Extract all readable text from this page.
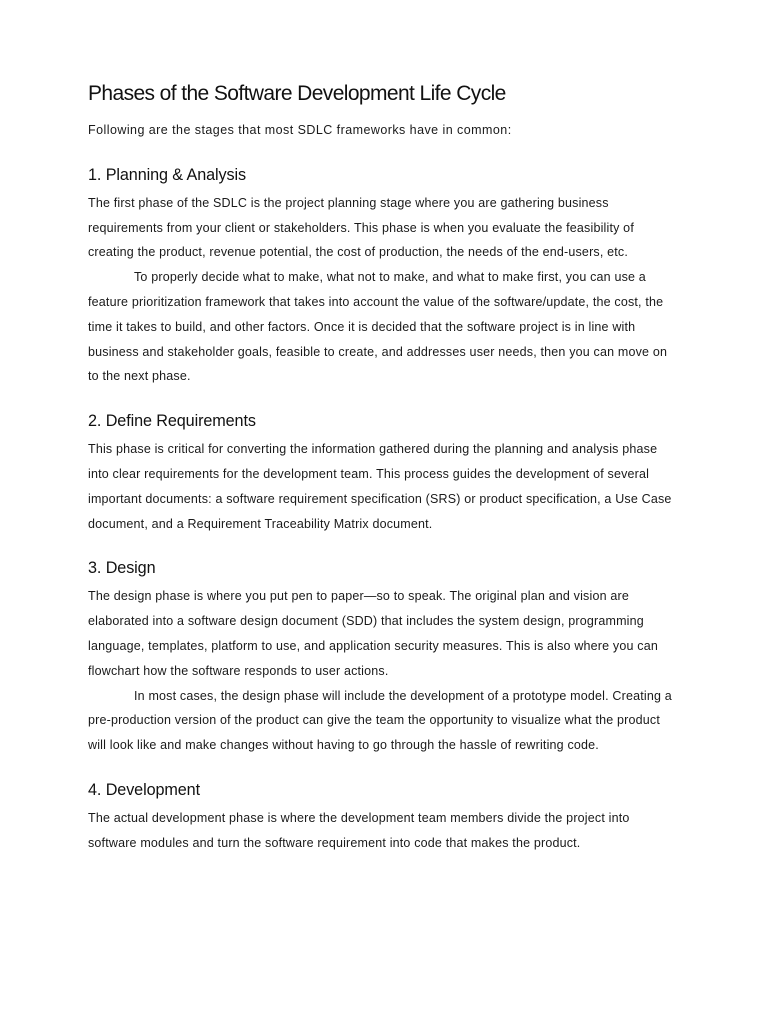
Phases of the Software Development Life Cycle

Following are the stages that most SDLC frameworks have in common:

1. Planning & Analysis

The first phase of the SDLC is the project planning stage where you are gathering business requirements from your client or stakeholders. This phase is when you evaluate the feasibility of creating the product, revenue potential, the cost of production, the needs of the end-users, etc.

To properly decide what to make, what not to make, and what to make first, you can use a feature prioritization framework that takes into account the value of the software/update, the cost, the time it takes to build, and other factors. Once it is decided that the software project is in line with business and stakeholder goals, feasible to create, and addresses user needs, then you can move on to the next phase.

2. Define Requirements

This phase is critical for converting the information gathered during the planning and analysis phase into clear requirements for the development team. This process guides the development of several important documents: a software requirement specification (SRS) or product specification, a Use Case document, and a Requirement Traceability Matrix document.

3. Design

The design phase is where you put pen to paper—so to speak. The original plan and vision are elaborated into a software design document (SDD) that includes the system design, programming language, templates, platform to use, and application security measures. This is also where you can flowchart how the software responds to user actions.

In most cases, the design phase will include the development of a prototype model. Creating a pre-production version of the product can give the team the opportunity to visualize what the product will look like and make changes without having to go through the hassle of rewriting code.

4. Development

The actual development phase is where the development team members divide the project into software modules and turn the software requirement into code that makes the product.
